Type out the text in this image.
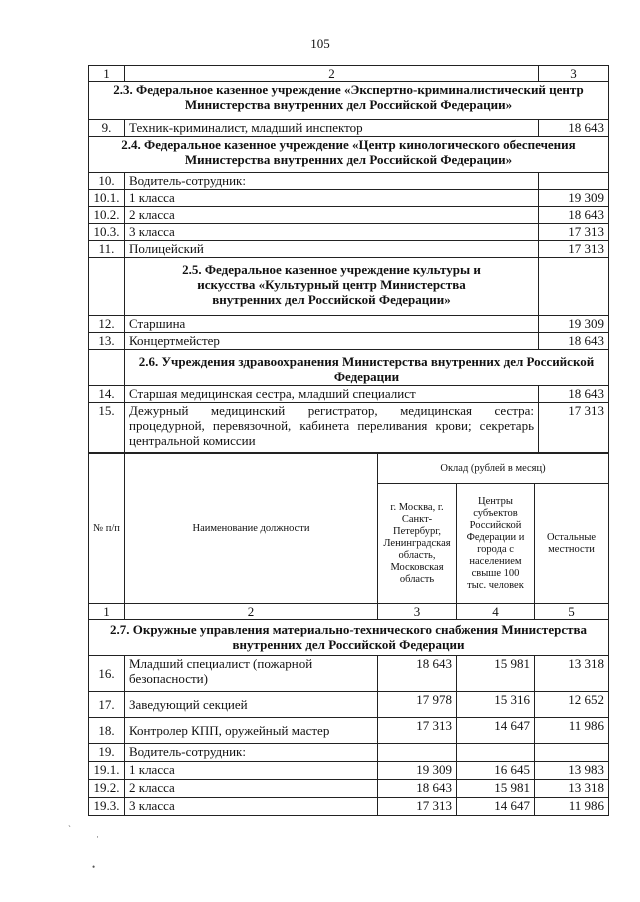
105
1	2	3
2.3. Федеральное казенное учреждение «Экспертно-криминалистический центр Министерства внутренних дел Российской Федерации»		
9.	Техник-криминалист, младший инспектор	18 643
2.4. Федеральное казенное учреждение «Центр кинологического обеспечения Министерства внутренних дел Российской Федерации»		
10.	Водитель-сотрудник:	
10.1.	1 класса	19 309
10.2.	2 класса	18 643
10.3.	3 класса	17 313
11.	Полицейский	17 313
	2.5. Федеральное казенное учреждение культуры и искусства «Культурный центр Министерства внутренних дел Российской Федерации»	
12.	Старшина	19 309
13.	Концертмейстер	18 643
	2.6. Учреждения здравоохранения Министерства внутренних дел Российской Федерации	
14.	Старшая медицинская сестра, младший специалист	18 643
15.	Дежурный медицинский регистратор, медицинская сестра: процедурной, перевязочной, кабинета переливания крови; секретарь центральной комиссии	17 313
№ п/п	Наименование должности	Оклад (рублей в месяц)		
		г. Москва, г. Санкт-Петербург, Ленинградская область, Московская область	Центры субъектов Российской Федерации и города с населением свыше 100 тыс. человек	Остальные местности
1	2	3	4	5
2.7. Окружные управления материально-технического снабжения Министерства внутренних дел Российской Федерации				
16.	Младший специалист (пожарной безопасности)	18 643	15 981	13 318
17.	Заведующий секцией	17 978	15 316	12 652
18.	Контролер КПП, оружейный мастер	17 313	14 647	11 986
19.	Водитель-сотрудник:			
19.1.	1 класса	19 309	16 645	13 983
19.2.	2 класса	18 643	15 981	13 318
19.3.	3 класса	17 313	14 647	11 986
`
·
•
